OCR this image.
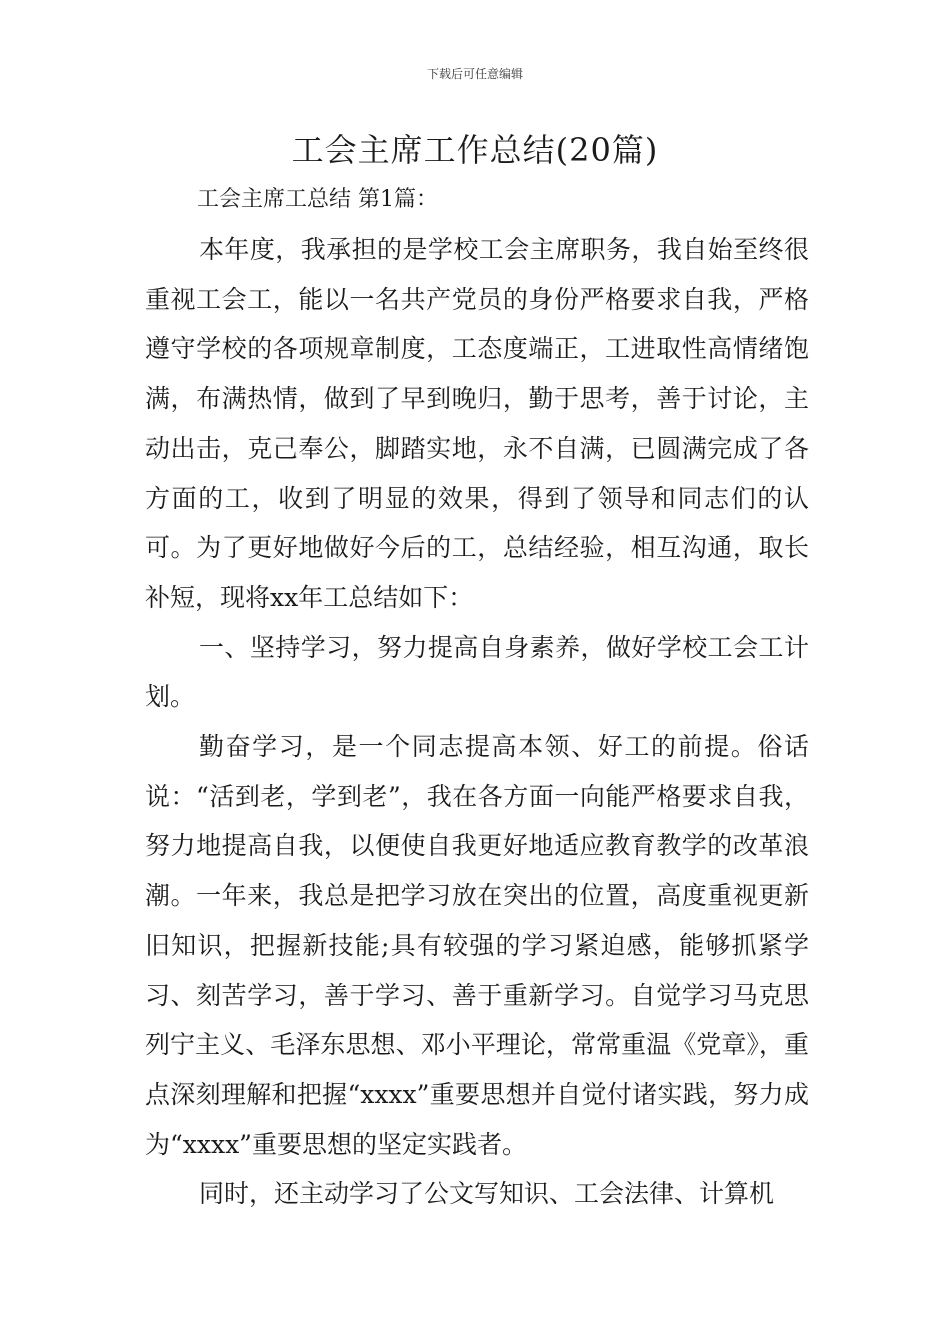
下载后可任意编辑
工会主席工作总结(20篇)
工会主席工总结 第1篇：

本年度，我承担的是学校工会主席职务，我自始至终很重视工会工，能以一名共产党员的身份严格要求自我，严格遵守学校的各项规章制度，工态度端正，工进取性高情绪饱满，布满热情，做到了早到晚归，勤于思考，善于讨论，主动出击，克己奉公，脚踏实地，永不自满，已圆满完成了各方面的工，收到了明显的效果，得到了领导和同志们的认可。为了更好地做好今后的工，总结经验，相互沟通，取长补短，现将xx年工总结如下：

一、坚持学习，努力提高自身素养，做好学校工会工计划。

勤奋学习，是一个同志提高本领、好工的前提。俗话说：“活到老，学到老”，我在各方面一向能严格要求自我，努力地提高自我，以便使自我更好地适应教育教学的改革浪潮。一年来，我总是把学习放在突出的位置，高度重视更新旧知识，把握新技能;具有较强的学习紧迫感，能够抓紧学习、刻苦学习，善于学习、善于重新学习。自觉学习马克思列宁主义、毛泽东思想、邓小平理论，常常重温《党章》，重点深刻理解和把握“xxxx”重要思想并自觉付诸实践，努力成为“xxxx”重要思想的坚定实践者。

同时，还主动学习了公文写知识、工会法律、计算机
